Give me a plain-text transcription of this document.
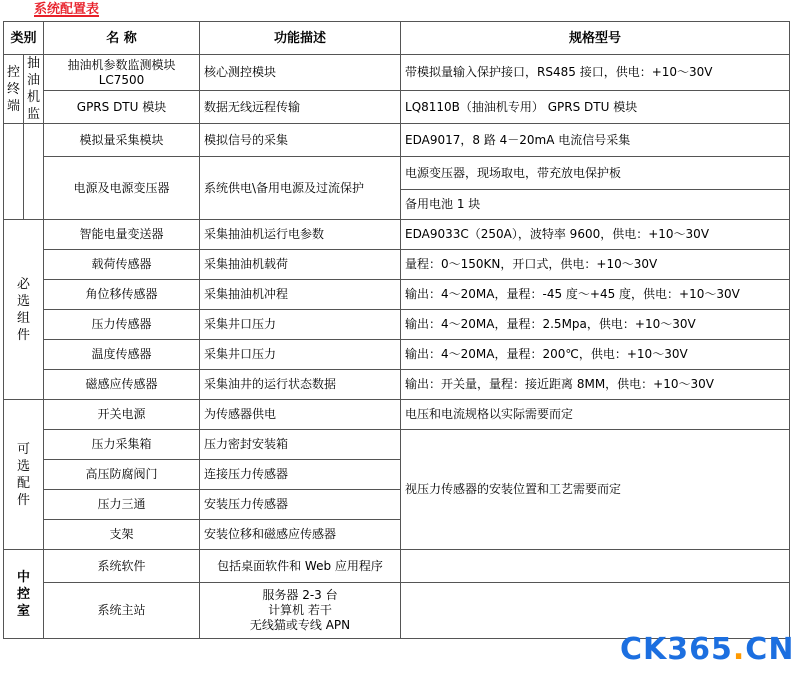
系统配置表
类别		名 称	功能描述	规格型号
控终端	抽油机监	抽油机参数监测模块 LC7500	核心测控模块	带模拟量输入保护接口，RS485 接口，供电：+10～30V
		GPRS DTU 模块	数据无线远程传输	LQ8110B（抽油机专用） GPRS DTU 模块
		模拟量采集模块	模拟信号的采集	EDA9017，8 路 4－20mA 电流信号采集
		电源及电源变压器	系统供电\备用电源及过流保护	电源变压器，现场取电，带充放电保护板
				备用电池 1 块

必选组件		智能电量变送器	采集抽油机运行电参数	EDA9033C（250A），波特率 9600，供电：+10～30V
		载荷传感器	采集抽油机载荷	量程：0～150KN，开口式，供电：+10～30V
		角位移传感器	采集抽油机冲程	输出：4～20MA，量程：-45 度～+45 度，供电：+10～30V
		压力传感器	采集井口压力	输出：4～20MA，量程：2.5Mpa，供电：+10～30V
		温度传感器	采集井口压力	输出：4～20MA，量程：200℃，供电：+10～30V
		磁感应传感器	采集油井的运行状态数据	输出：开关量，量程：接近距离 8MM，供电：+10～30V

可选配件		开关电源	为传感器供电	电压和电流规格以实际需要而定
		压力采集箱	压力密封安装箱	视压力传感器的安装位置和工艺需要而定
		高压防腐阀门	连接压力传感器	
		压力三通	安装压力传感器	
		支架	安装位移和磁感应传感器	

中控室		系统软件	包括桌面软件和 Web 应用程序	
		系统主站	服务器 2-3 台
计算机 若干
无线猫或专线 APN	

CK365.CN
